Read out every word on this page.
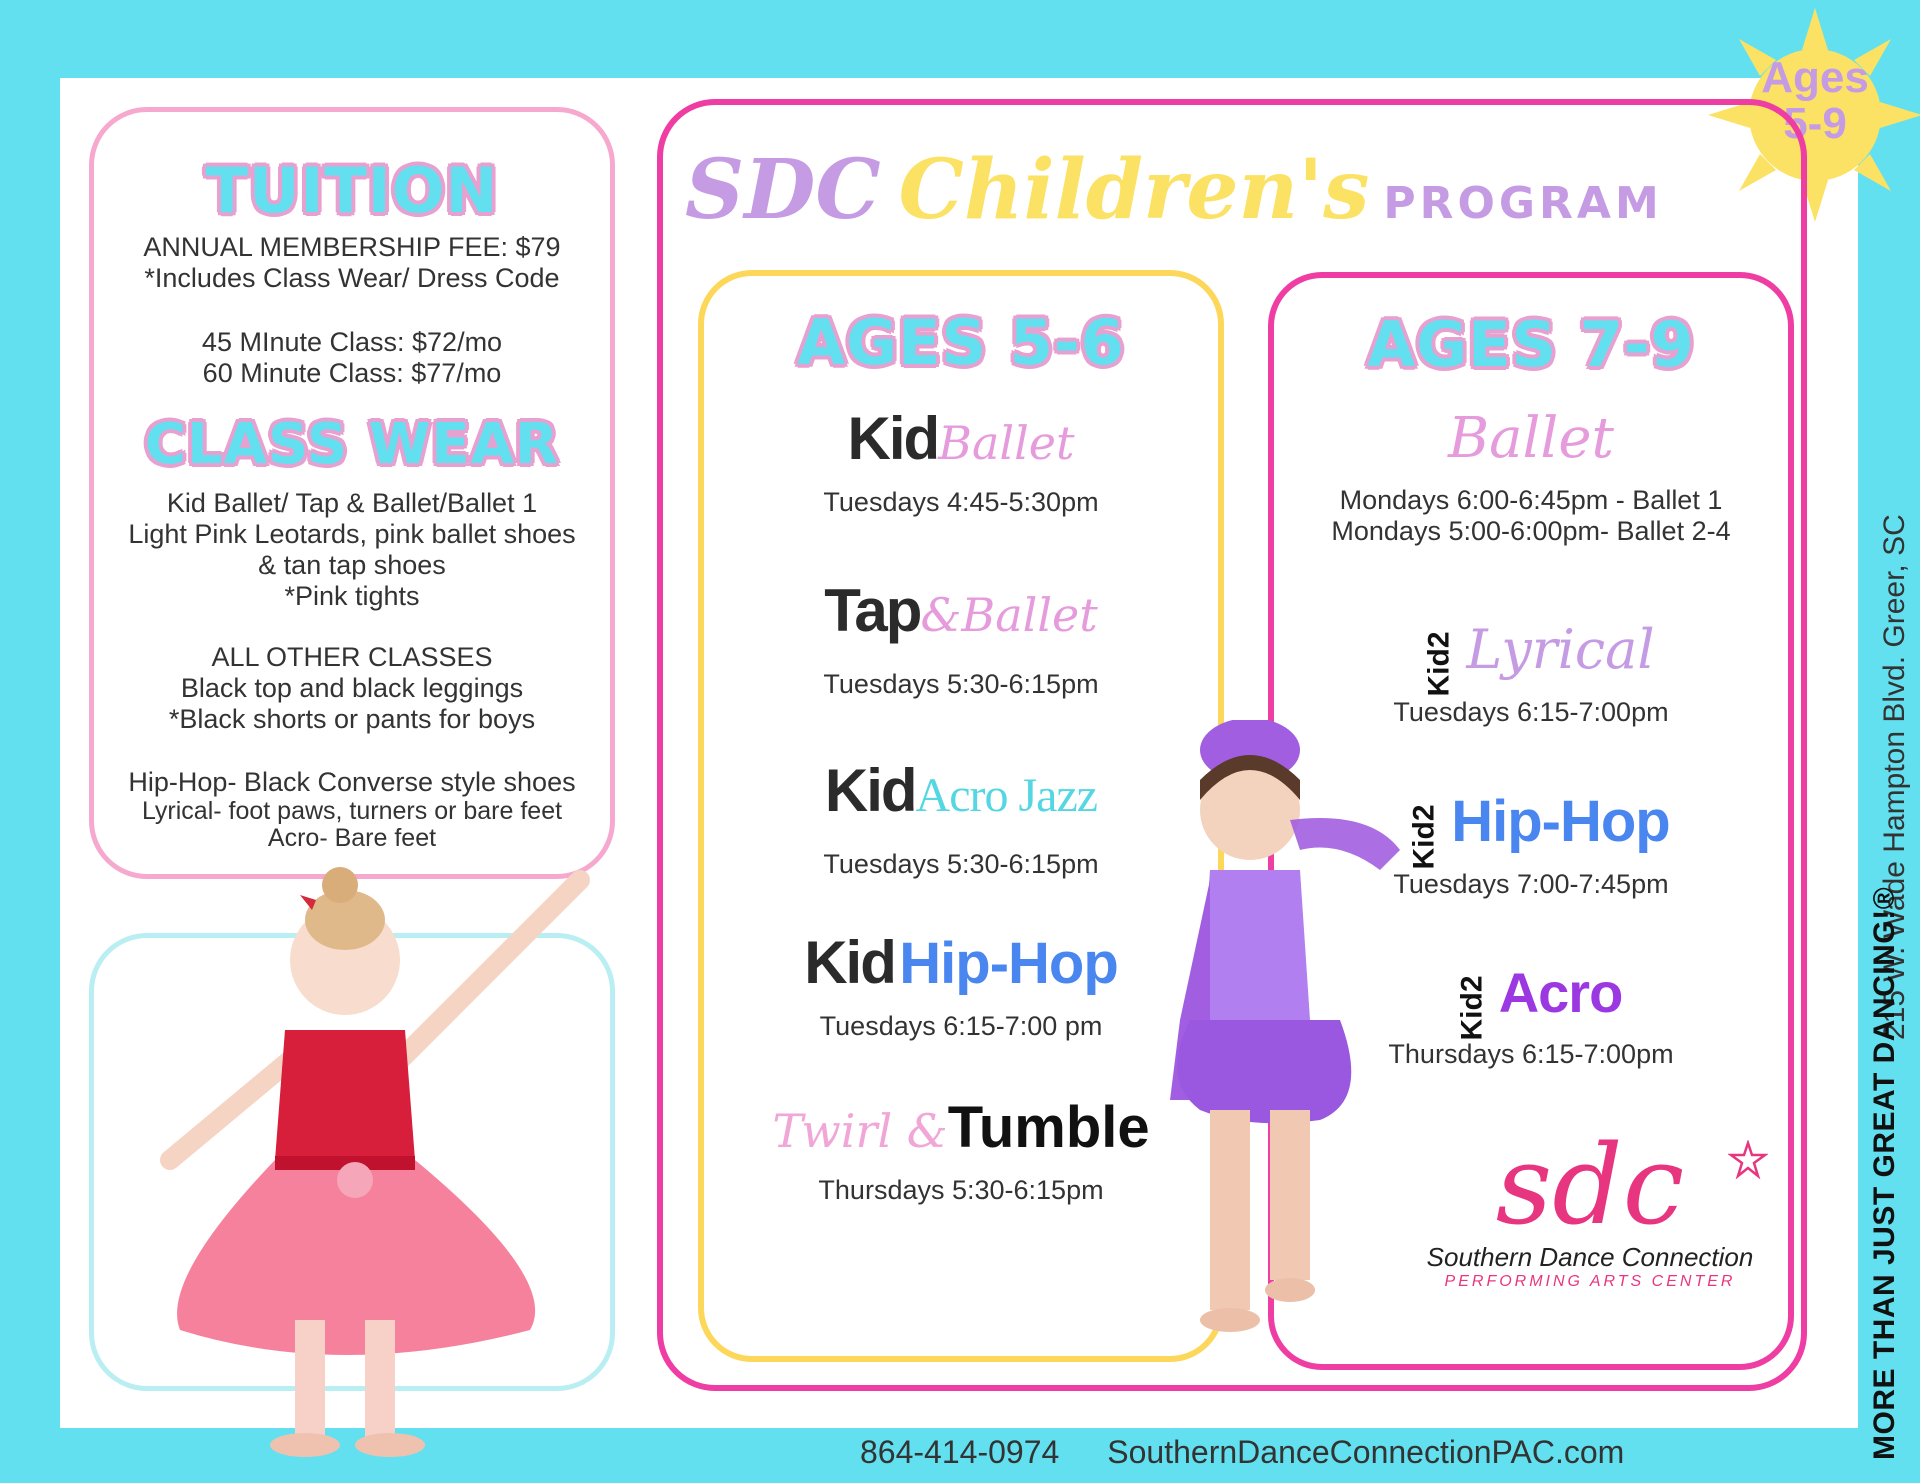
Ages
5-9
TUITION
ANNUAL MEMBERSHIP FEE: $79
*Includes Class Wear/ Dress Code
45 MInute Class: $72/mo
60 Minute Class: $77/mo
CLASS WEAR
Kid Ballet/ Tap & Ballet/Ballet 1
Light Pink Leotards, pink ballet shoes
& tan tap shoes
*Pink tights
ALL OTHER CLASSES
Black top and black leggings
*Black shorts or pants for boys
Hip-Hop- Black Converse style shoes
Lyrical- foot paws, turners or bare feet
Acro- Bare feet
SDC Children's PROGRAM
AGES 5-6
KidBallet
Tuesdays 4:45-5:30pm
Tap&Ballet
Tuesdays 5:30-6:15pm
KidAcro Jazz
Tuesdays 5:30-6:15pm
Kid Hip-Hop
Tuesdays 6:15-7:00 pm
Twirl &Tumble
Thursdays 5:30-6:15pm
AGES 7-9
Ballet
Mondays 6:00-6:45pm - Ballet 1
Mondays 5:00-6:00pm- Ballet 2-4
Kid2 Lyrical
Tuesdays 6:15-7:00pm
Kid2 Hip-Hop
Tuesdays 7:00-7:45pm
Kid2 Acro
Thursdays 6:15-7:00pm
sdc
Southern Dance Connection
PERFORMING ARTS CENTER
215 W. Wade Hampton Blvd. Greer, SC
MORE THAN JUST GREAT DANCING!®
864-414-0974 SouthernDanceConnectionPAC.com
